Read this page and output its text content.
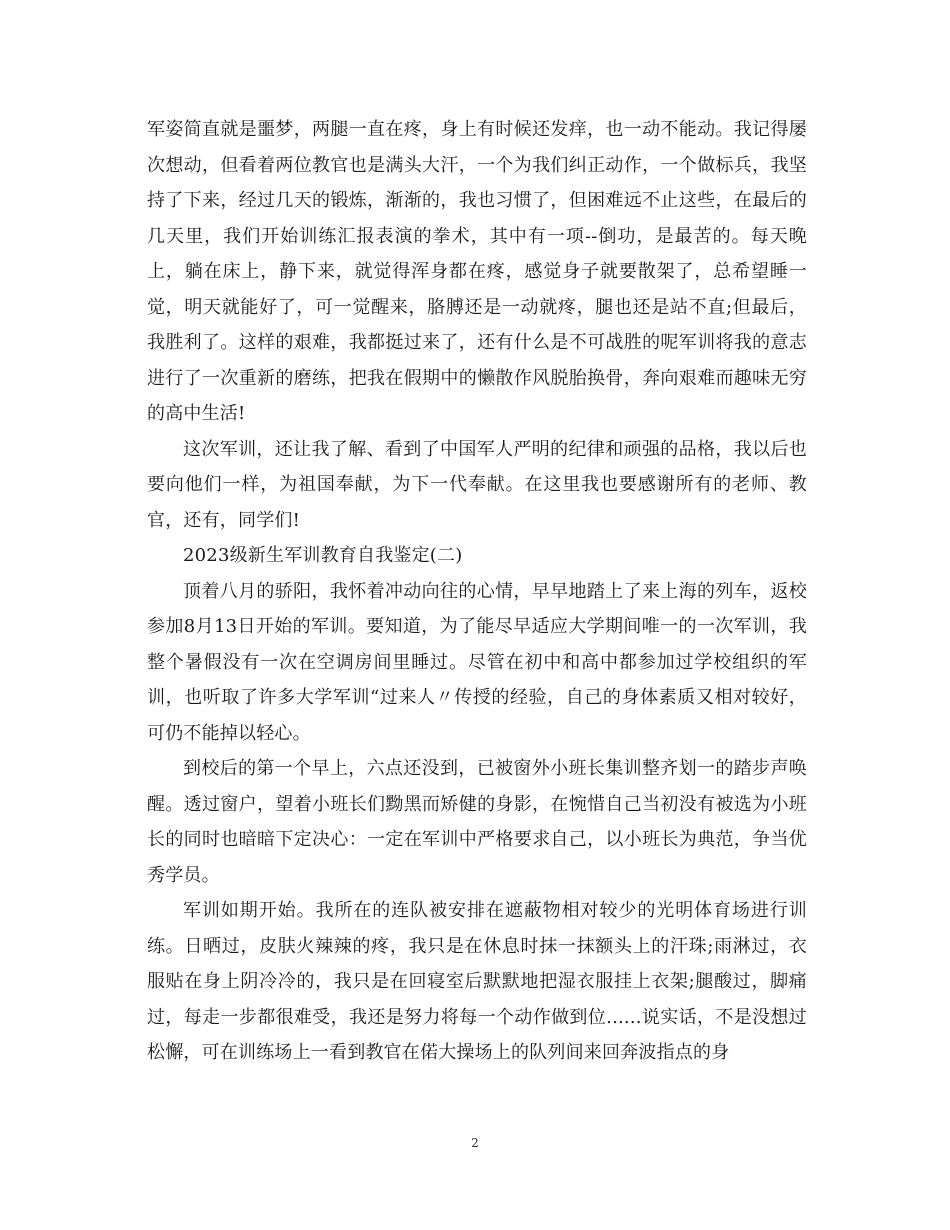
军姿简直就是噩梦，两腿一直在疼，身上有时候还发痒，也一动不能动。我记得屡次想动，但看着两位教官也是满头大汗，一个为我们纠正动作，一个做标兵，我坚持了下来，经过几天的锻炼，渐渐的，我也习惯了，但困难远不止这些，在最后的几天里，我们开始训练汇报表演的拳术，其中有一项--倒功，是最苦的。每天晚上，躺在床上，静下来，就觉得浑身都在疼，感觉身子就要散架了，总希望睡一觉，明天就能好了，可一觉醒来，胳膊还是一动就疼，腿也还是站不直;但最后，我胜利了。这样的艰难，我都挺过来了，还有什么是不可战胜的呢军训将我的意志进行了一次重新的磨练，把我在假期中的懒散作风脱胎换骨，奔向艰难而趣味无穷的高中生活!

这次军训，还让我了解、看到了中国军人严明的纪律和顽强的品格，我以后也要向他们一样，为祖国奉献，为下一代奉献。在这里我也要感谢所有的老师、教官，还有，同学们!

2023级新生军训教育自我鉴定(二)

顶着八月的骄阳，我怀着冲动向往的心情，早早地踏上了来上海的列车，返校参加8月13日开始的军训。要知道，为了能尽早适应大学期间唯一的一次军训，我整个暑假没有一次在空调房间里睡过。尽管在初中和高中都参加过学校组织的军训，也听取了许多大学军训“过来人〃传授的经验，自己的身体素质又相对较好，可仍不能掉以轻心。

到校后的第一个早上，六点还没到，已被窗外小班长集训整齐划一的踏步声唤醒。透过窗户，望着小班长们黝黑而矫健的身影，在惋惜自己当初没有被选为小班长的同时也暗暗下定决心：一定在军训中严格要求自己，以小班长为典范，争当优秀学员。

军训如期开始。我所在的连队被安排在遮蔽物相对较少的光明体育场进行训练。日晒过，皮肤火辣辣的疼，我只是在休息时抹一抹额头上的汗珠;雨淋过，衣服贴在身上阴冷冷的，我只是在回寝室后默默地把湿衣服挂上衣架;腿酸过，脚痛过，每走一步都很难受，我还是努力将每一个动作做到位......说实话，不是没想过松懈，可在训练场上一看到教官在偌大操场上的队列间来回奔波指点的身

2
